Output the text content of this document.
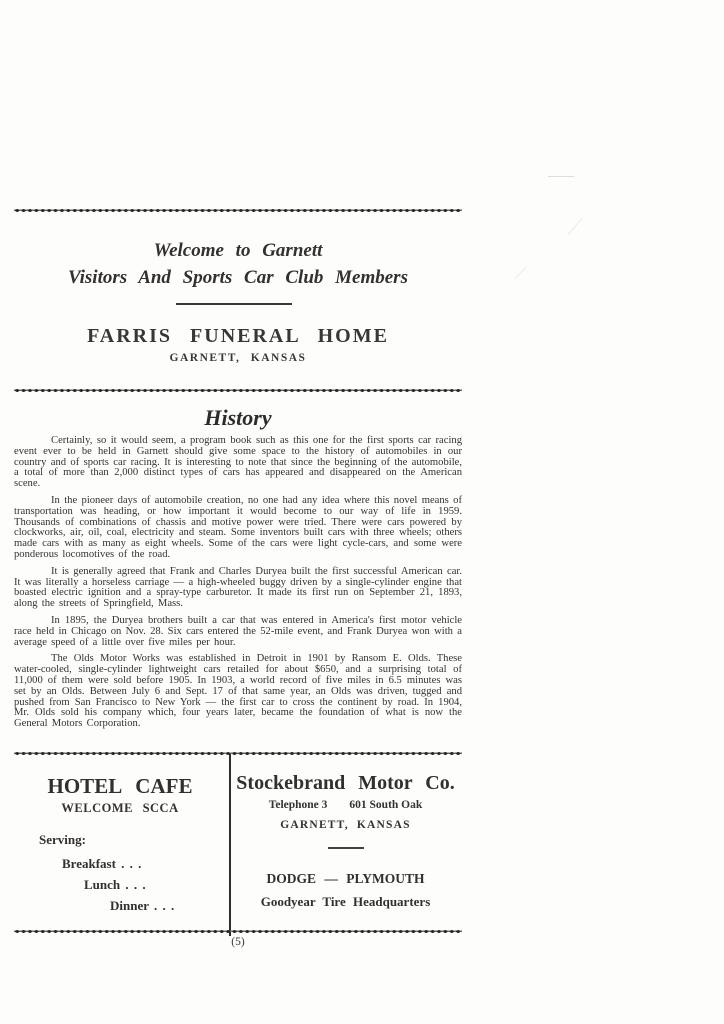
Welcome to Garnett
Visitors And Sports Car Club Members
FARRIS FUNERAL HOME
GARNETT, KANSAS
History

Certainly, so it would seem, a program book such as this one for the first sports car racing event ever to be held in Garnett should give some space to the history of automobiles in our country and of sports car racing. It is interesting to note that since the beginning of the automobile, a total of more than 2,000 distinct types of cars has appeared and disappeared on the American scene.

In the pioneer days of automobile creation, no one had any idea where this novel means of transportation was heading, or how important it would become to our way of life in 1959. Thousands of combinations of chassis and motive power were tried. There were cars powered by clockworks, air, oil, coal, electricity and steam. Some inventors built cars with three wheels; others made cars with as many as eight wheels. Some of the cars were light cycle-cars, and some were ponderous locomotives of the road.

It is generally agreed that Frank and Charles Duryea built the first successful American car. It was literally a horseless carriage — a high-wheeled buggy driven by a single-cylinder engine that boasted electric ignition and a spray-type carburetor. It made its first run on September 21, 1893, along the streets of Springfield, Mass.

In 1895, the Duryea brothers built a car that was entered in America's first motor vehicle race held in Chicago on Nov. 28. Six cars entered the 52-mile event, and Frank Duryea won with a average speed of a little over five miles per hour.

The Olds Motor Works was established in Detroit in 1901 by Ransom E. Olds. These water-cooled, single-cylinder lightweight cars retailed for about $650, and a surprising total of 11,000 of them were sold before 1905. In 1903, a world record of five miles in 6.5 minutes was set by an Olds. Between July 6 and Sept. 17 of that same year, an Olds was driven, tugged and pushed from San Francisco to New York — the first car to cross the continent by road. In 1904, Mr. Olds sold his company which, four years later, became the foundation of what is now the General Motors Corporation.

HOTEL CAFE
WELCOME SCCA
Serving:
Breakfast . . .
Lunch . . .
Dinner . . .
Stockebrand Motor Co.
Telephone 3 601 South Oak
GARNETT, KANSAS
DODGE — PLYMOUTH
Goodyear Tire Headquarters
(5)
